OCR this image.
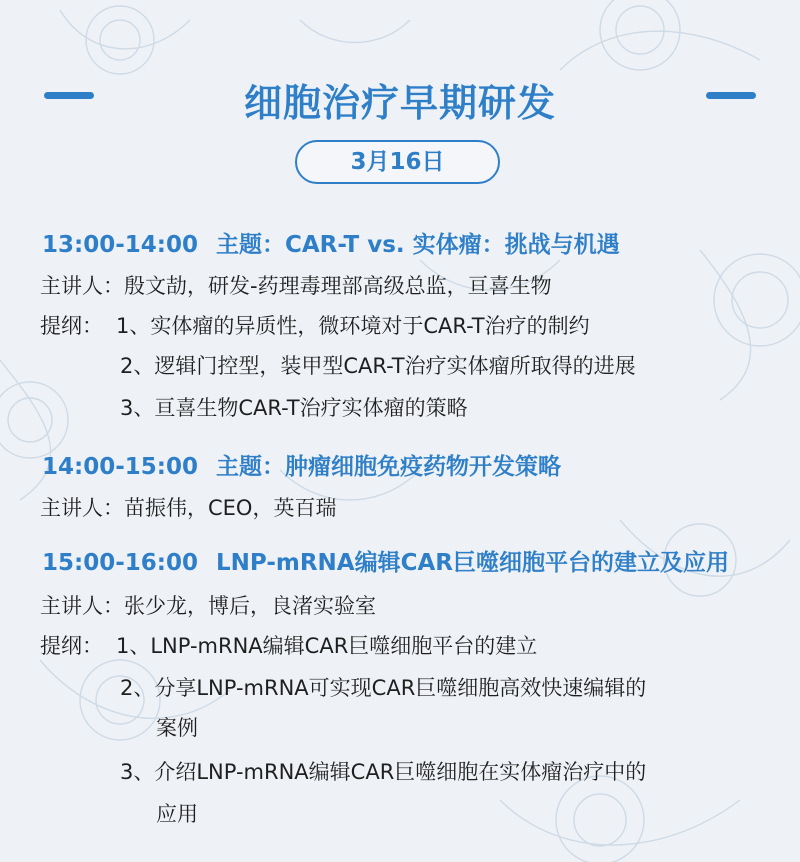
细胞治疗早期研发
3月16日
13:00-14:00 主题：CAR-T vs. 实体瘤：挑战与机遇
主讲人：殷文劼，研发-药理毒理部高级总监，亘喜生物
提纲： 1、实体瘤的异质性，微环境对于CAR-T治疗的制约
2、逻辑门控型，装甲型CAR-T治疗实体瘤所取得的进展
3、亘喜生物CAR-T治疗实体瘤的策略
14:00-15:00 主题：肿瘤细胞免疫药物开发策略
主讲人：苗振伟，CEO，英百瑞
15:00-16:00 LNP-mRNA编辑CAR巨噬细胞平台的建立及应用
主讲人：张少龙，博后，良渚实验室
提纲： 1、LNP-mRNA编辑CAR巨噬细胞平台的建立
2、分享LNP-mRNA可实现CAR巨噬细胞高效快速编辑的
案例
3、介绍LNP-mRNA编辑CAR巨噬细胞在实体瘤治疗中的
应用
